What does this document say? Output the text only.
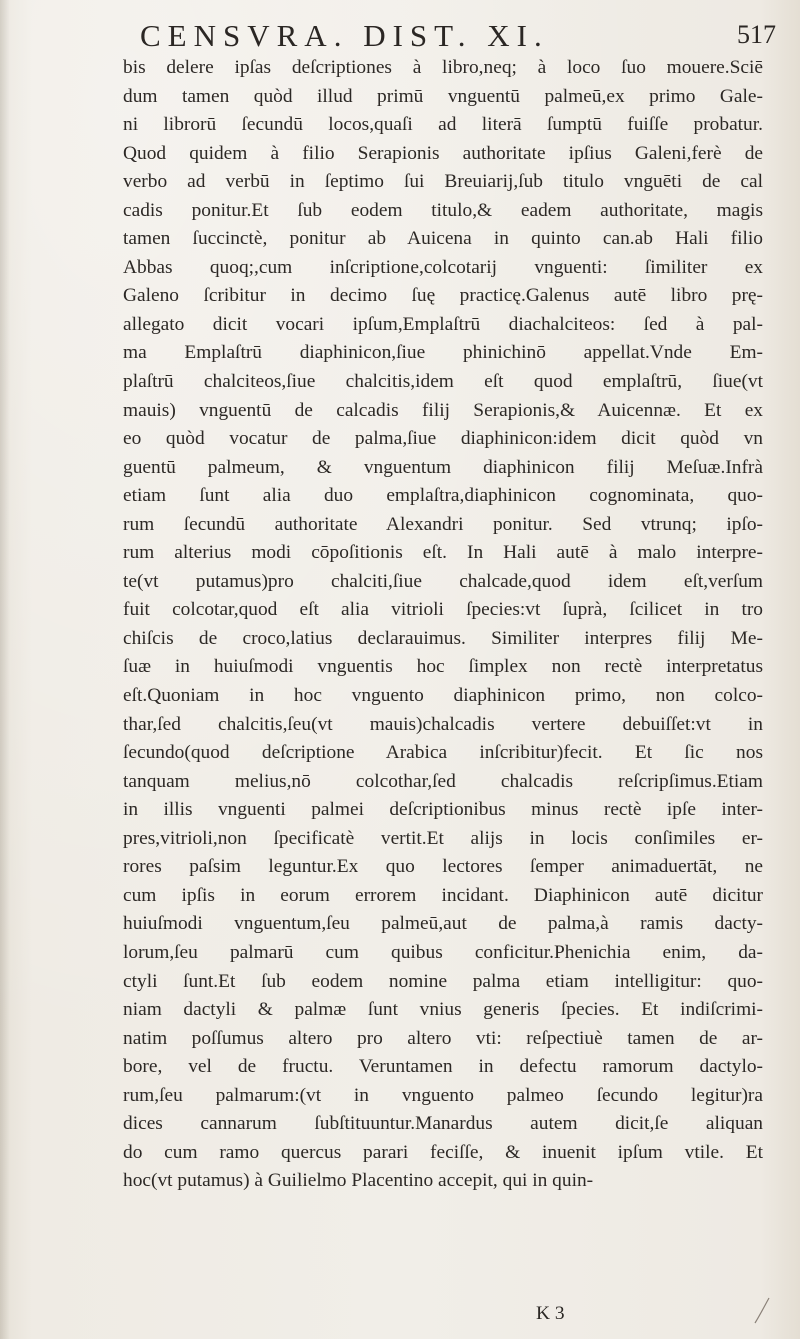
CENSVRA. DIST. XI.	517
bis delere ipſas deſcriptiones à libro,neq; à loco ſuo mouere.Sciē
dum tamen quòd illud primū vnguentū palmeū,ex primo Gale-
ni librorū ſecundū locos,quaſi ad literā ſumptū fuiſſe probatur.
Quod quidem à filio Serapionis authoritate ipſius Galeni,ferè de
verbo ad verbū in ſeptimo ſui Breuiarij,ſub titulo vnguēti de cal
cadis ponitur.Et ſub eodem titulo,& eadem authoritate, magis
tamen ſuccinctè, ponitur ab Auicena in quinto can.ab Hali filio
Abbas quoq;,cum inſcriptione,colcotarij vnguenti: ſimiliter ex
Galeno ſcribitur in decimo ſuę practicę.Galenus autē libro prę-
allegato dicit vocari ipſum,Emplaſtrū diachalciteos: ſed à pal-
ma Emplaſtrū diaphinicon,ſiue phinichinō appellat.Vnde Em-
plaſtrū chalciteos,ſiue chalcitis,idem eſt quod emplaſtrū, ſiue(vt
mauis) vnguentū de calcadis filij Serapionis,& Auicennæ. Et ex
eo quòd vocatur de palma,ſiue diaphinicon:idem dicit quòd vn
guentū palmeum, & vnguentum diaphinicon filij Meſuæ.Infrà
etiam ſunt alia duo emplaſtra,diaphinicon cognominata, quo-
rum ſecundū authoritate Alexandri ponitur. Sed vtrunq; ipſo-
rum alterius modi cōpoſitionis eſt. In Hali autē à malo interpre-
te(vt putamus)pro chalciti,ſiue chalcade,quod idem eſt,verſum
fuit colcotar,quod eſt alia vitrioli ſpecies:vt ſuprà, ſcilicet in tro
chiſcis de croco,latius declarauimus. Similiter interpres filij Me-
ſuæ in huiuſmodi vnguentis hoc ſimplex non rectè interpretatus
eſt.Quoniam in hoc vnguento diaphinicon primo, non colco-
thar,ſed chalcitis,ſeu(vt mauis)chalcadis vertere debuiſſet:vt in
ſecundo(quod deſcriptione Arabica inſcribitur)fecit. Et ſic nos
tanquam melius,nō colcothar,ſed chalcadis reſcripſimus.Etiam
in illis vnguenti palmei deſcriptionibus minus rectè ipſe inter-
pres,vitrioli,non ſpecificatè vertit.Et alijs in locis conſimiles er-
rores paſsim leguntur.Ex quo lectores ſemper animaduertāt, ne
cum ipſis in eorum errorem incidant. Diaphinicon autē dicitur
huiuſmodi vnguentum,ſeu palmeū,aut de palma,à ramis dacty-
lorum,ſeu palmarū cum quibus conficitur.Phenichia enim, da-
ctyli ſunt.Et ſub eodem nomine palma etiam intelligitur: quo-
niam dactyli & palmæ ſunt vnius generis ſpecies. Et indiſcrimi-
natim poſſumus altero pro altero vti: reſpectiuè tamen de ar-
bore, vel de fructu. Veruntamen in defectu ramorum dactylo-
rum,ſeu palmarum:(vt in vnguento palmeo ſecundo legitur)ra
dices cannarum ſubſtituuntur.Manardus autem dicit,ſe aliquan
do cum ramo quercus parari feciſſe, & inuenit ipſum vtile. Et
hoc(vt putamus) à Guilielmo Placentino accepit, qui in quin-
K 3
